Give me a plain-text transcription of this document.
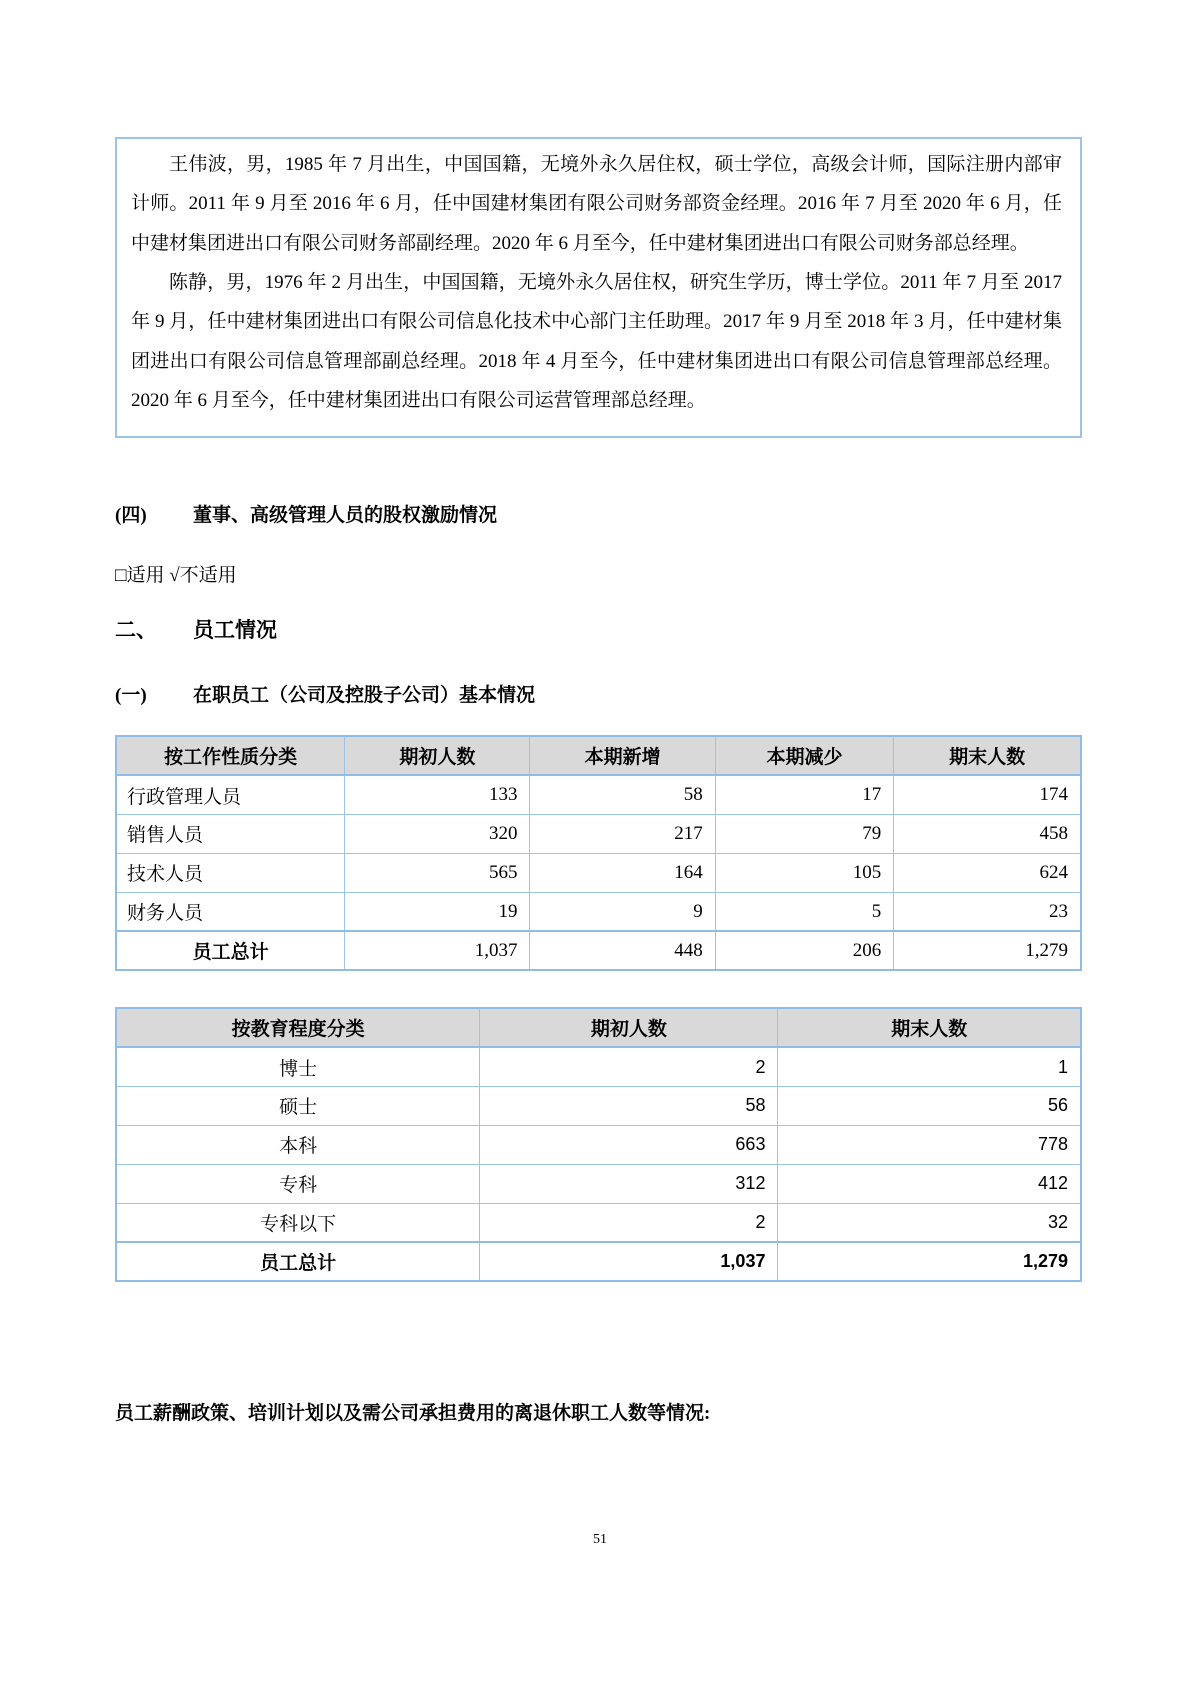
王伟波，男，1985 年 7 月出生，中国国籍，无境外永久居住权，硕士学位，高级会计师，国际注册内部审计师。2011 年 9 月至 2016 年 6 月，任中国建材集团有限公司财务部资金经理。2016 年 7 月至 2020 年 6 月，任中建材集团进出口有限公司财务部副经理。2020 年 6 月至今，任中建材集团进出口有限公司财务部总经理。

陈静，男，1976 年 2 月出生，中国国籍，无境外永久居住权，研究生学历，博士学位。2011 年 7 月至 2017 年 9 月，任中建材集团进出口有限公司信息化技术中心部门主任助理。2017 年 9 月至 2018 年 3 月，任中建材集团进出口有限公司信息管理部副总经理。2018 年 4 月至今，任中建材集团进出口有限公司信息管理部总经理。2020 年 6 月至今，任中建材集团进出口有限公司运营管理部总经理。

(四)	董事、高级管理人员的股权激励情况
□适用 √不适用
二、	员工情况
(一)	在职员工（公司及控股子公司）基本情况
按工作性质分类	期初人数	本期新增	本期减少	期末人数
行政管理人员	133	58	17	174
销售人员	320	217	79	458
技术人员	565	164	105	624
财务人员	19	9	5	23
员工总计	1,037	448	206	1,279
按教育程度分类	期初人数	期末人数
博士	2	1
硕士	58	56
本科	663	778
专科	312	412
专科以下	2	32
员工总计	1,037	1,279
员工薪酬政策、培训计划以及需公司承担费用的离退休职工人数等情况:
51
